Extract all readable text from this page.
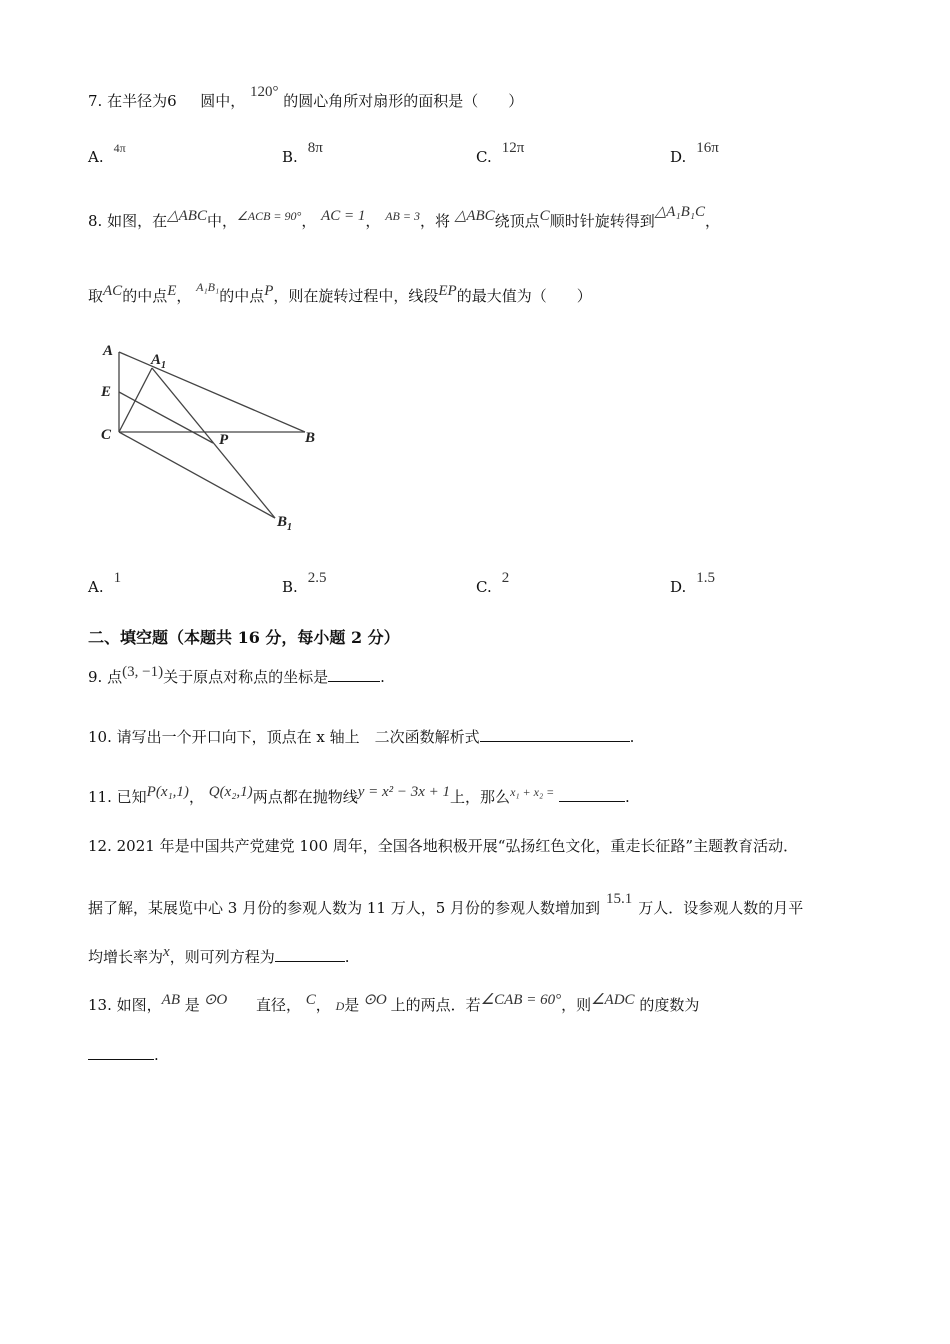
7. 在半径为6 圆中， 120° 的圆心角所对扇形的面积是（　　）
A. $^{4\pi}$	B. 8π	C. 12π	D. 16π
8. 如图，在△ABC中，$^{\angle ACB = 90^\circ}$， AC = 1， $^{AB = 3}$，将 △ABC绕顶点C顺时针旋转得到△A₁B₁C，
取AC的中点E， $^{A_1B_1}$的中点P，则在旋转过程中，线段EP的最大值为（　　）
A
$A_1$
E
C	P	B
$B_1$
A. 1	B. 2.5	C. 2	D. 1.5
二、填空题（本题共 16 分，每小题 2 分）
9. 点(3, −1)关于原点对称点的坐标是	.
10. 请写出一个开口向下，顶点在 x 轴上　二次函数解析式	.
11. 已知P(x₁,1)， Q(x₂,1)两点都在抛物线y = x² − 3x + 1上，那么$^{x_1 + x_2 =}$	.
12. 2021 年是中国共产党建党 100 周年，全国各地积极开展“弘扬红色文化，重走长征路”主题教育活动．
据了解，某展览中心 3 月份的参观人数为 11 万人，5 月份的参观人数增加到 15.1 万人．设参观人数的月平
均增长率为x，则可列方程为	.
13. 如图，AB 是 ⊙O 直径， C， D是 ⊙O 上的两点．若∠CAB = 60°，则∠ADC 的度数为
.
